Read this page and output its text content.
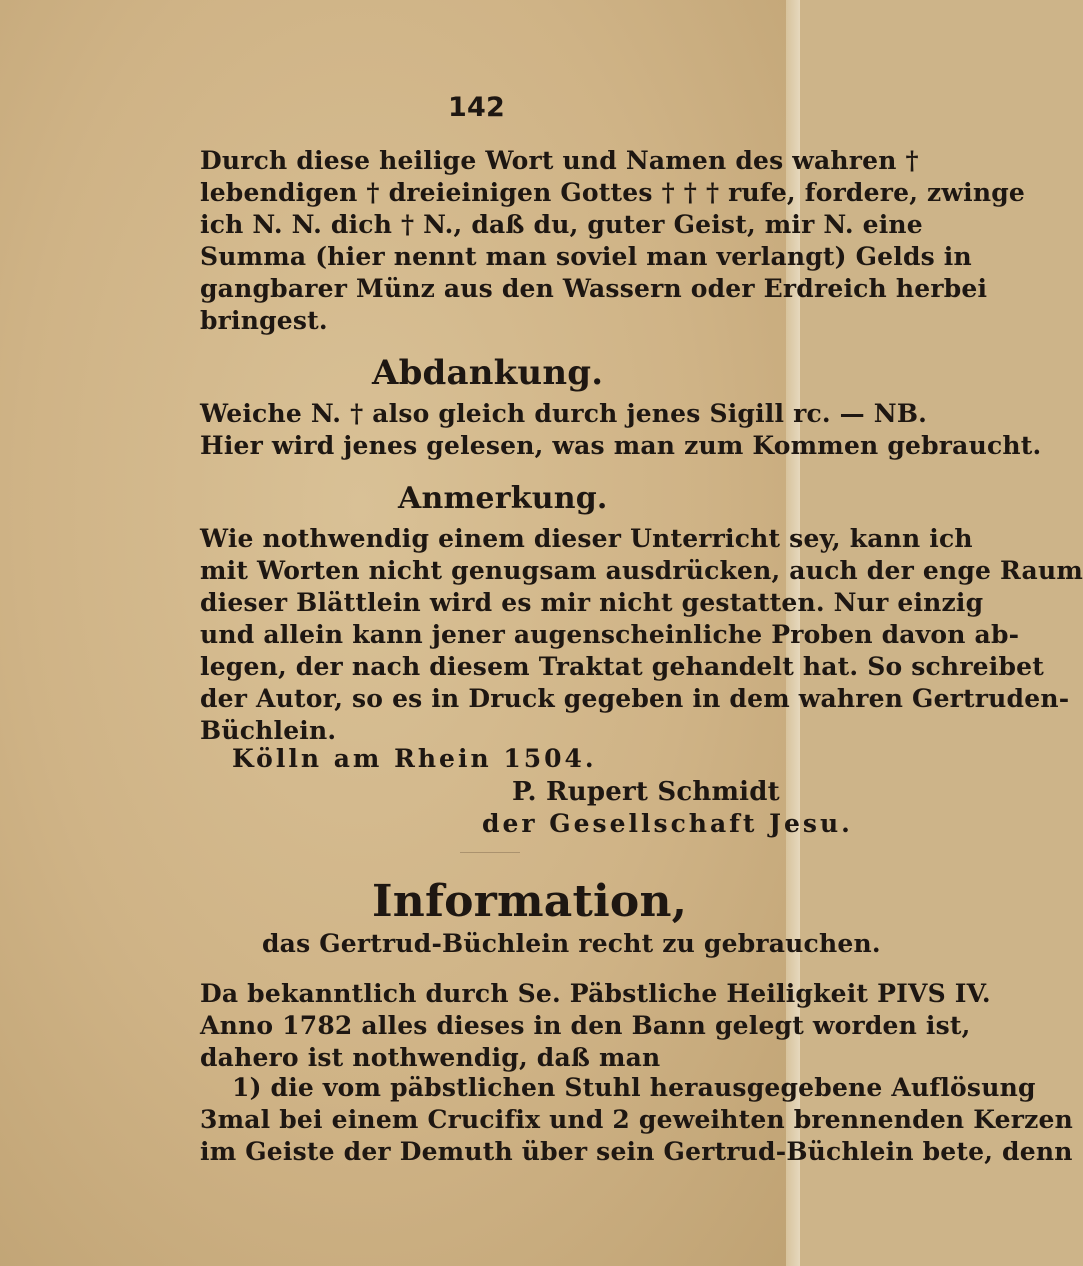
142
Durch diese heilige Wort und Namen des wahren †
lebendigen † dreieinigen Gottes † † † rufe, fordere, zwinge
ich N. N. dich † N., daß du, guter Geist, mir N. eine
Summa (hier nennt man soviel man verlangt) Gelds in
gangbarer Münz aus den Wassern oder Erdreich herbei
bringest.
Abdankung.
Weiche N. † also gleich durch jenes Sigill rc. — NB.
Hier wird jenes gelesen, was man zum Kommen gebraucht.
Anmerkung.
Wie nothwendig einem dieser Unterricht sey, kann ich
mit Worten nicht genugsam ausdrücken, auch der enge Raum
dieser Blättlein wird es mir nicht gestatten. Nur einzig
und allein kann jener augenscheinliche Proben davon ab-
legen, der nach diesem Traktat gehandelt hat. So schreibet
der Autor, so es in Druck gegeben in dem wahren Gertruden-
Büchlein.
Kölln am Rhein 1504.
P. Rupert Schmidt
der Gesellschaft Jesu.
Information,
das Gertrud-Büchlein recht zu gebrauchen.
Da bekanntlich durch Se. Päbstliche Heiligkeit PIVS IV.
Anno 1782 alles dieses in den Bann gelegt worden ist,
dahero ist nothwendig, daß man
1) die vom päbstlichen Stuhl herausgegebene Auflösung
3mal bei einem Crucifix und 2 geweihten brennenden Kerzen
im Geiste der Demuth über sein Gertrud-Büchlein bete, denn
